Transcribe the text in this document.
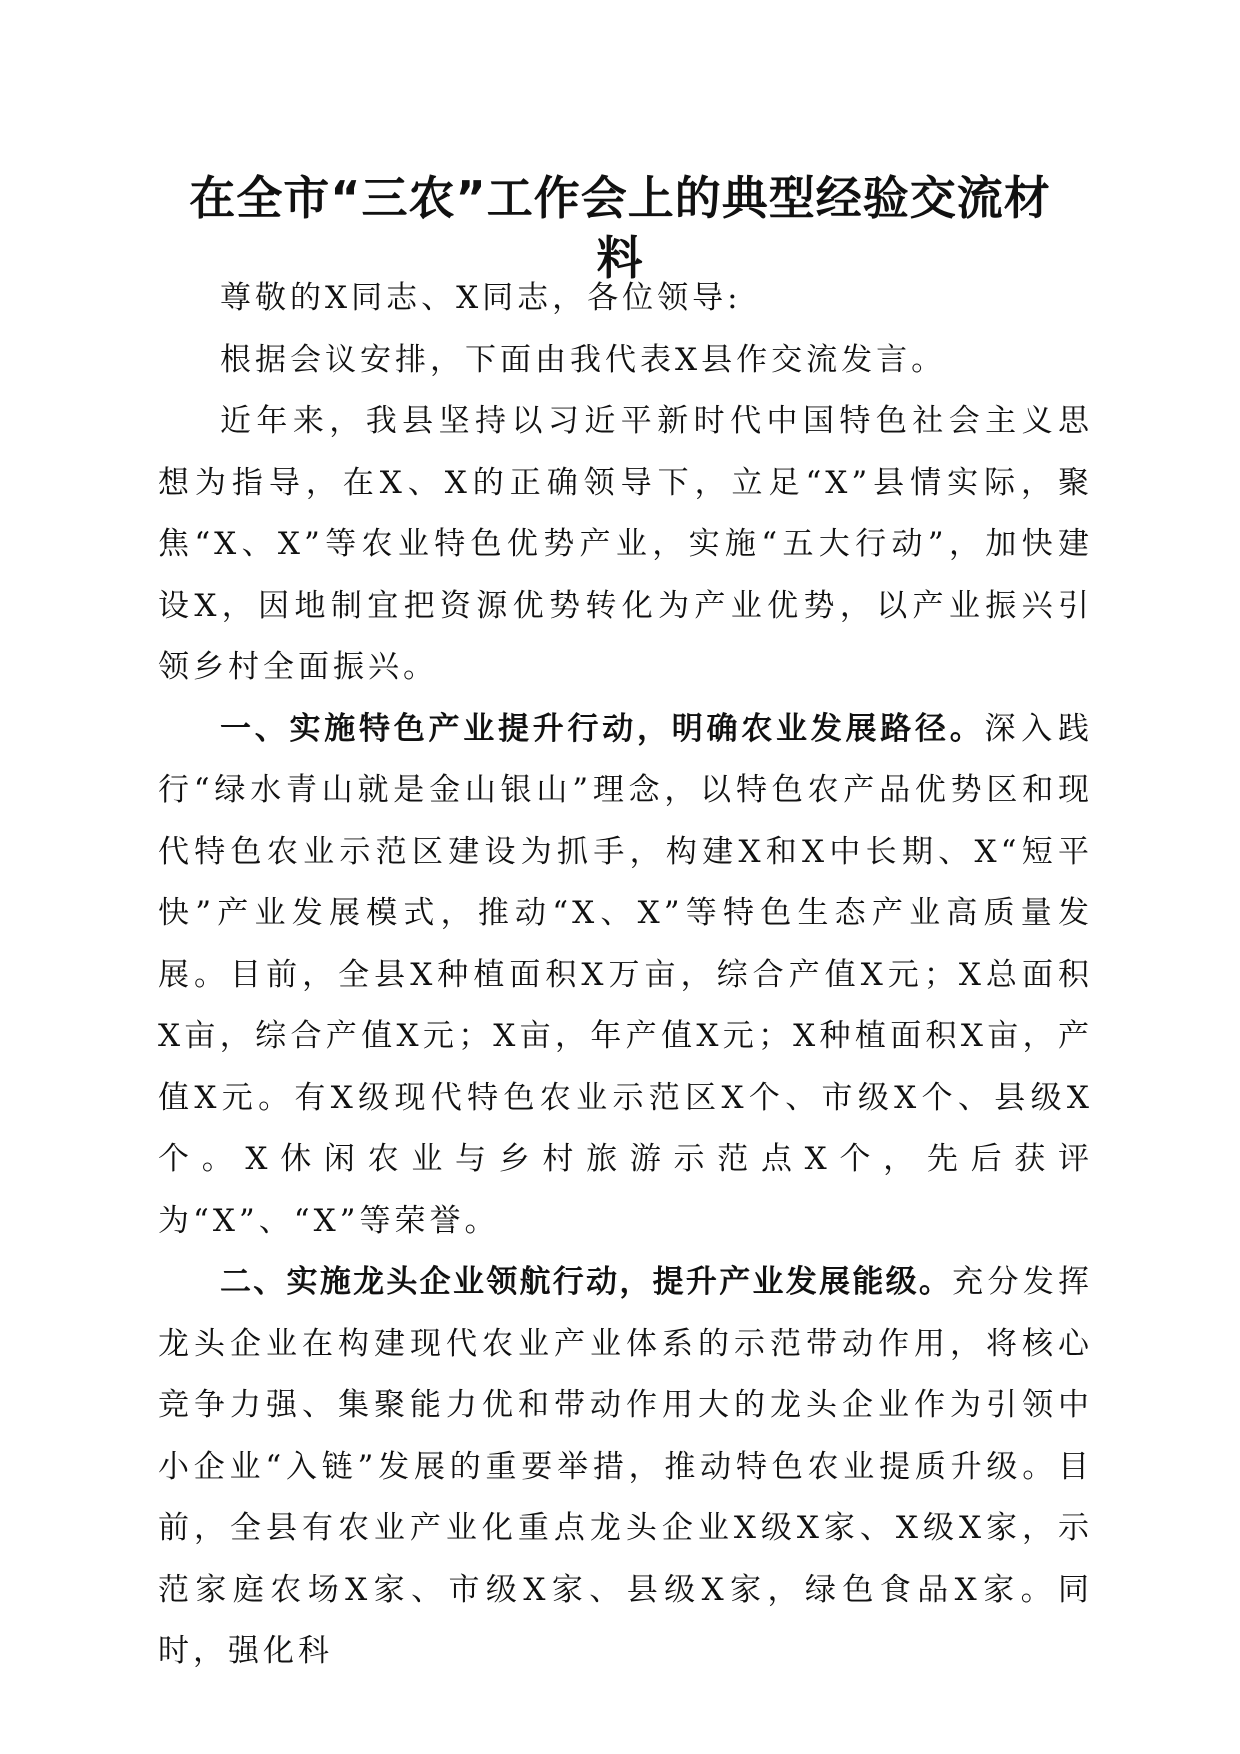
在全市“三农”工作会上的典型经验交流材料

尊敬的X同志、X同志，各位领导:

根据会议安排，下面由我代表X县作交流发言。

近年来，我县坚持以习近平新时代中国特色社会主义思想为指导，在X、X的正确领导下，立足“X”县情实际，聚焦“X、X”等农业特色优势产业，实施“五大行动”，加快建设X，因地制宜把资源优势转化为产业优势，以产业振兴引领乡村全面振兴。

一、实施特色产业提升行动，明确农业发展路径。深入践行“绿水青山就是金山银山”理念，以特色农产品优势区和现代特色农业示范区建设为抓手，构建X和X中长期、X“短平快”产业发展模式，推动“X、X”等特色生态产业高质量发展。目前，全县X种植面积X万亩，综合产值X元；X总面积X亩，综合产值X元；X亩，年产值X元；X种植面积X亩，产值X元。有X级现代特色农业示范区X个、市级X个、县级X个。X休闲农业与乡村旅游示范点X个，先后获评为“X”、“X”等荣誉。

二、实施龙头企业领航行动，提升产业发展能级。充分发挥龙头企业在构建现代农业产业体系的示范带动作用，将核心竞争力强、集聚能力优和带动作用大的龙头企业作为引领中小企业“入链”发展的重要举措，推动特色农业提质升级。目前，全县有农业产业化重点龙头企业X级X家、X级X家，示范家庭农场X家、市级X家、县级X家，绿色食品X家。同时，强化科
